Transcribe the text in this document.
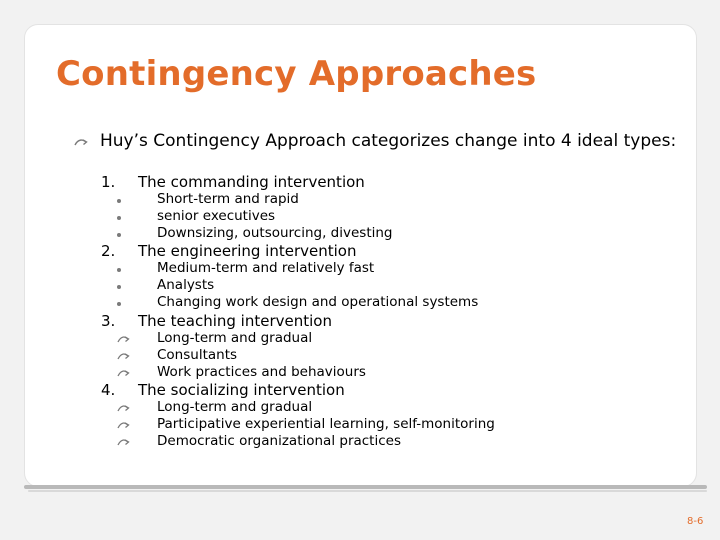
Contingency Approaches
Huy’s Contingency Approach categorizes change into 4 ideal types:
1. The commanding intervention
Short-term and rapid
senior executives
Downsizing, outsourcing, divesting
2. The engineering intervention
Medium-term and relatively fast
Analysts
Changing work design and operational systems
3. The teaching intervention
Long-term and gradual
Consultants
Work practices and behaviours
4. The socializing intervention
Long-term and gradual
Participative experiential learning, self-monitoring
Democratic organizational practices
8-6
